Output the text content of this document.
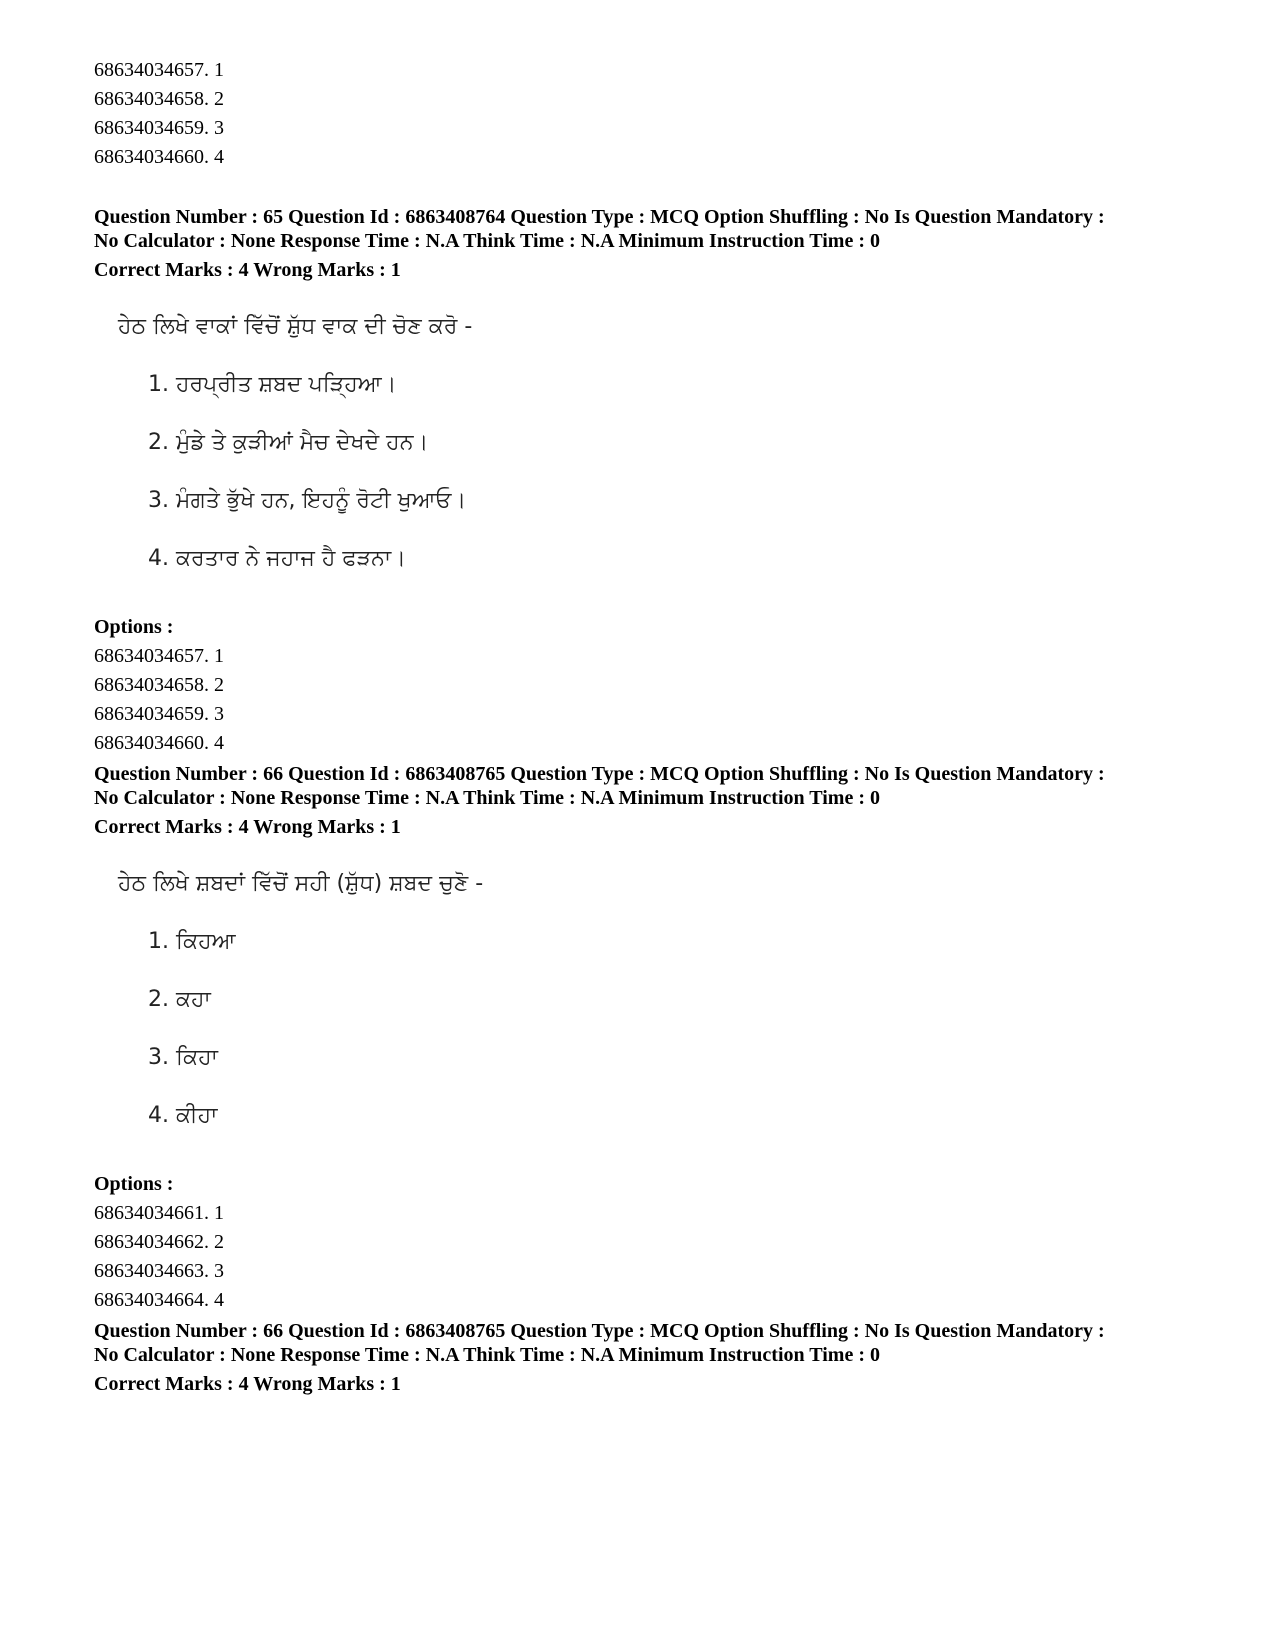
68634034657. 1
68634034658. 2
68634034659. 3
68634034660. 4
Question Number : 65 Question Id : 6863408764 Question Type : MCQ Option Shuffling : No Is Question Mandatory :
No Calculator : None Response Time : N.A Think Time : N.A Minimum Instruction Time : 0
Correct Marks : 4 Wrong Marks : 1
ਹੇਠ ਲਿਖੇ ਵਾਕਾਂ ਵਿੱਚੋਂ ਸ਼ੁੱਧ ਵਾਕ ਦੀ ਚੋਣ ਕਰੋ -
1. ਹਰਪ੍ਰੀਤ ਸ਼ਬਦ ਪੜ੍ਹਿਆ।
2. ਮੁੰਡੇ ਤੇ ਕੁੜੀਆਂ ਮੈਚ ਦੇਖਦੇ ਹਨ।
3. ਮੰਗਤੇ ਭੁੱਖੇ ਹਨ, ਇਹਨੂੰ ਰੋਟੀ ਖੁਆਓ।
4. ਕਰਤਾਰ ਨੇ ਜਹਾਜ ਹੈ ਫੜਨਾ।
Options :
68634034657. 1
68634034658. 2
68634034659. 3
68634034660. 4
Question Number : 66 Question Id : 6863408765 Question Type : MCQ Option Shuffling : No Is Question Mandatory :
No Calculator : None Response Time : N.A Think Time : N.A Minimum Instruction Time : 0
Correct Marks : 4 Wrong Marks : 1
ਹੇਠ ਲਿਖੇ ਸ਼ਬਦਾਂ ਵਿੱਚੋਂ ਸਹੀ (ਸ਼ੁੱਧ) ਸ਼ਬਦ ਚੁਣੋ -
1. ਕਿਹਆ
2. ਕਹਾ
3. ਕਿਹਾ
4. ਕੀਹਾ
Options :
68634034661. 1
68634034662. 2
68634034663. 3
68634034664. 4
Question Number : 66 Question Id : 6863408765 Question Type : MCQ Option Shuffling : No Is Question Mandatory :
No Calculator : None Response Time : N.A Think Time : N.A Minimum Instruction Time : 0
Correct Marks : 4 Wrong Marks : 1
